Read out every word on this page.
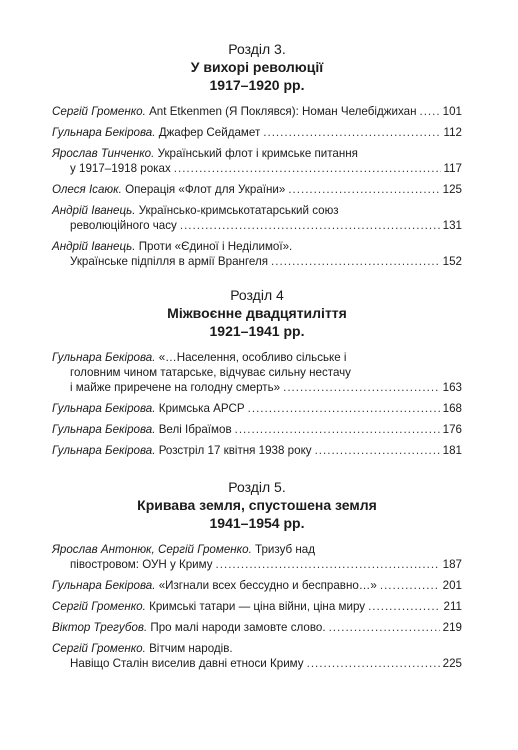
Розділ 3.
У вихорі революції
1917–1920 рр.
Сергій Громенко.
Ant Etkenmen (Я Поклявся): Номан Челебіджихан ..... 101
Гульнара Бекірова.
Джафер Сейдамет .....	112
Ярослав Тинченко.
Український флот і кримське питання
у 1917–1918 роках .....	117
Олеся Ісаюк.
Операція «Флот для України» .....	125
Андрій Іванець.
Українсько-кримськотатарський союз
революційного часу .....	131
Андрій Іванець.
Проти «Єдиної і Неділимої».
Українське підпілля в армії Врангеля .....	152
Розділ 4
Міжвоєнне двадцятиліття
1921–1941 рр.
Гульнара Бекірова.
«…Населення, особливо сільське і
головним чином татарське, відчуває сильну нестачу
і майже приречене на голодну смерть» .....	163
Гульнара Бекірова.
Кримська АРСР .....	168
Гульнара Бекірова.
Велі Ібраїмов .....	176
Гульнара Бекірова.
Розстріл 17 квітня 1938 року .....	181
Розділ 5.
Кривава земля, спустошена земля
1941–1954 рр.
Ярослав Антонюк, Сергій Громенко.
Тризуб над
півостровом: ОУН у Криму .....	187
Гульнара Бекірова.
«Изгнали всех бессудно и бесправно…» .....	201
Сергій Громенко.
Кримські татари — ціна війни, ціна миру .....	211
Віктор Трегубов.
Про малі народи замовте слово. .....	219
Сергій Громенко.
Вітчим народів.
Навіщо Сталін виселив давні етноси Криму .....	225
